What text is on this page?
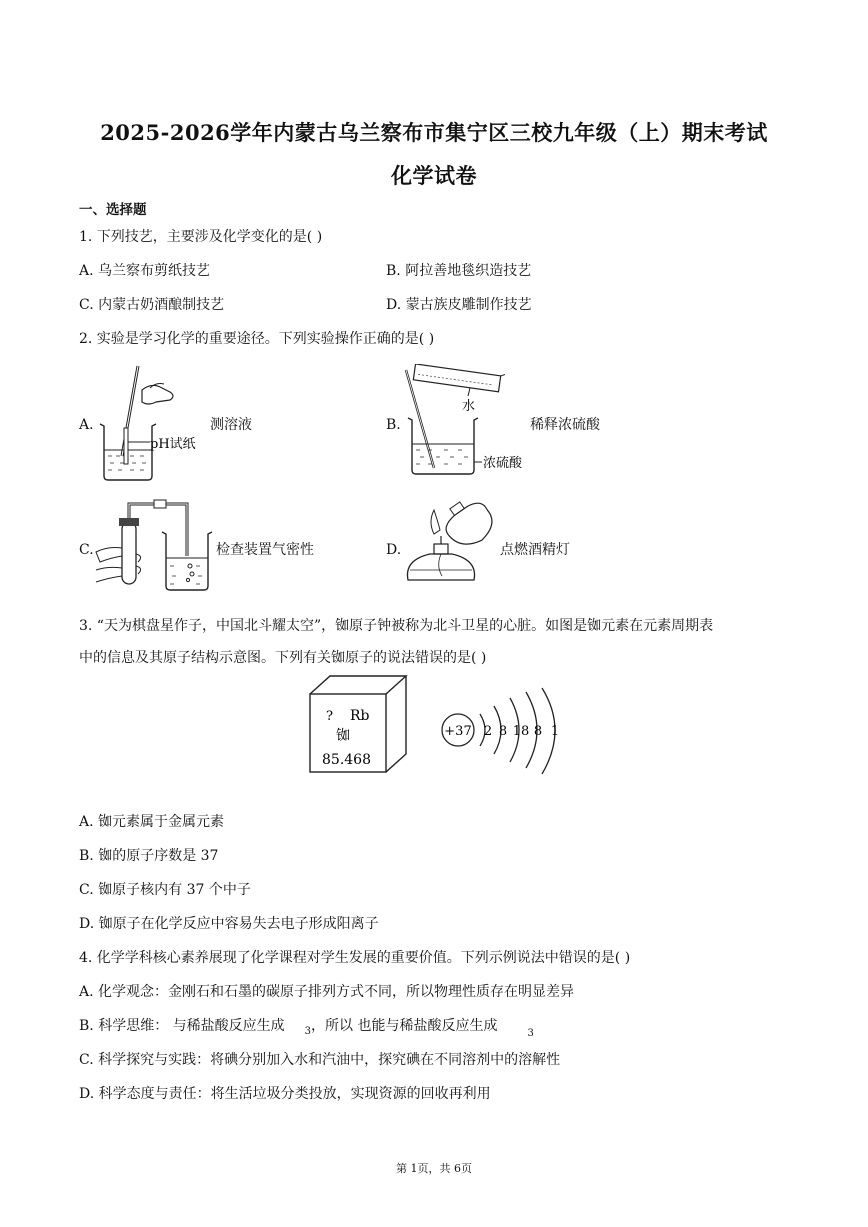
2025-2026学年内蒙古乌兰察布市集宁区三校九年级（上）期末考试
化学试卷
一、选择题
1. 下列技艺，主要涉及化学变化的是( )
A. 乌兰察布剪纸技艺	B. 阿拉善地毯织造技艺
C. 内蒙古奶酒酿制技艺	D. 蒙古族皮雕制作技艺
2. 实验是学习化学的重要途径。下列实验操作正确的是( )
A.
pH试纸
测溶液	B.
水
浓硫酸
稀释浓硫酸
C.	检查装置气密性	D.	点燃酒精灯
3. “天为棋盘星作子，中国北斗耀太空”，铷原子钟被称为北斗卫星的心脏。如图是铷元素在元素周期表
中的信息及其原子结构示意图。下列有关铷原子的说法错误的是( )
? Rb
铷
85.468
+37 2 8 18 8 1
A. 铷元素属于金属元素
B. 铷的原子序数是 37
C. 铷原子核内有 37 个中子
D. 铷原子在化学反应中容易失去电子形成阳离子
4. 化学学科核心素养展现了化学课程对学生发展的重要价值。下列示例说法中错误的是( )
A. 化学观念：金刚石和石墨的碳原子排列方式不同，所以物理性质存在明显差异
B. 科学思维： 与稀盐酸反应生成 $_3$，所以 也能与稀盐酸反应生成	$_3$
C. 科学探究与实践：将碘分别加入水和汽油中，探究碘在不同溶剂中的溶解性
D. 科学态度与责任：将生活垃圾分类投放，实现资源的回收再利用
第 1页，共 6页
